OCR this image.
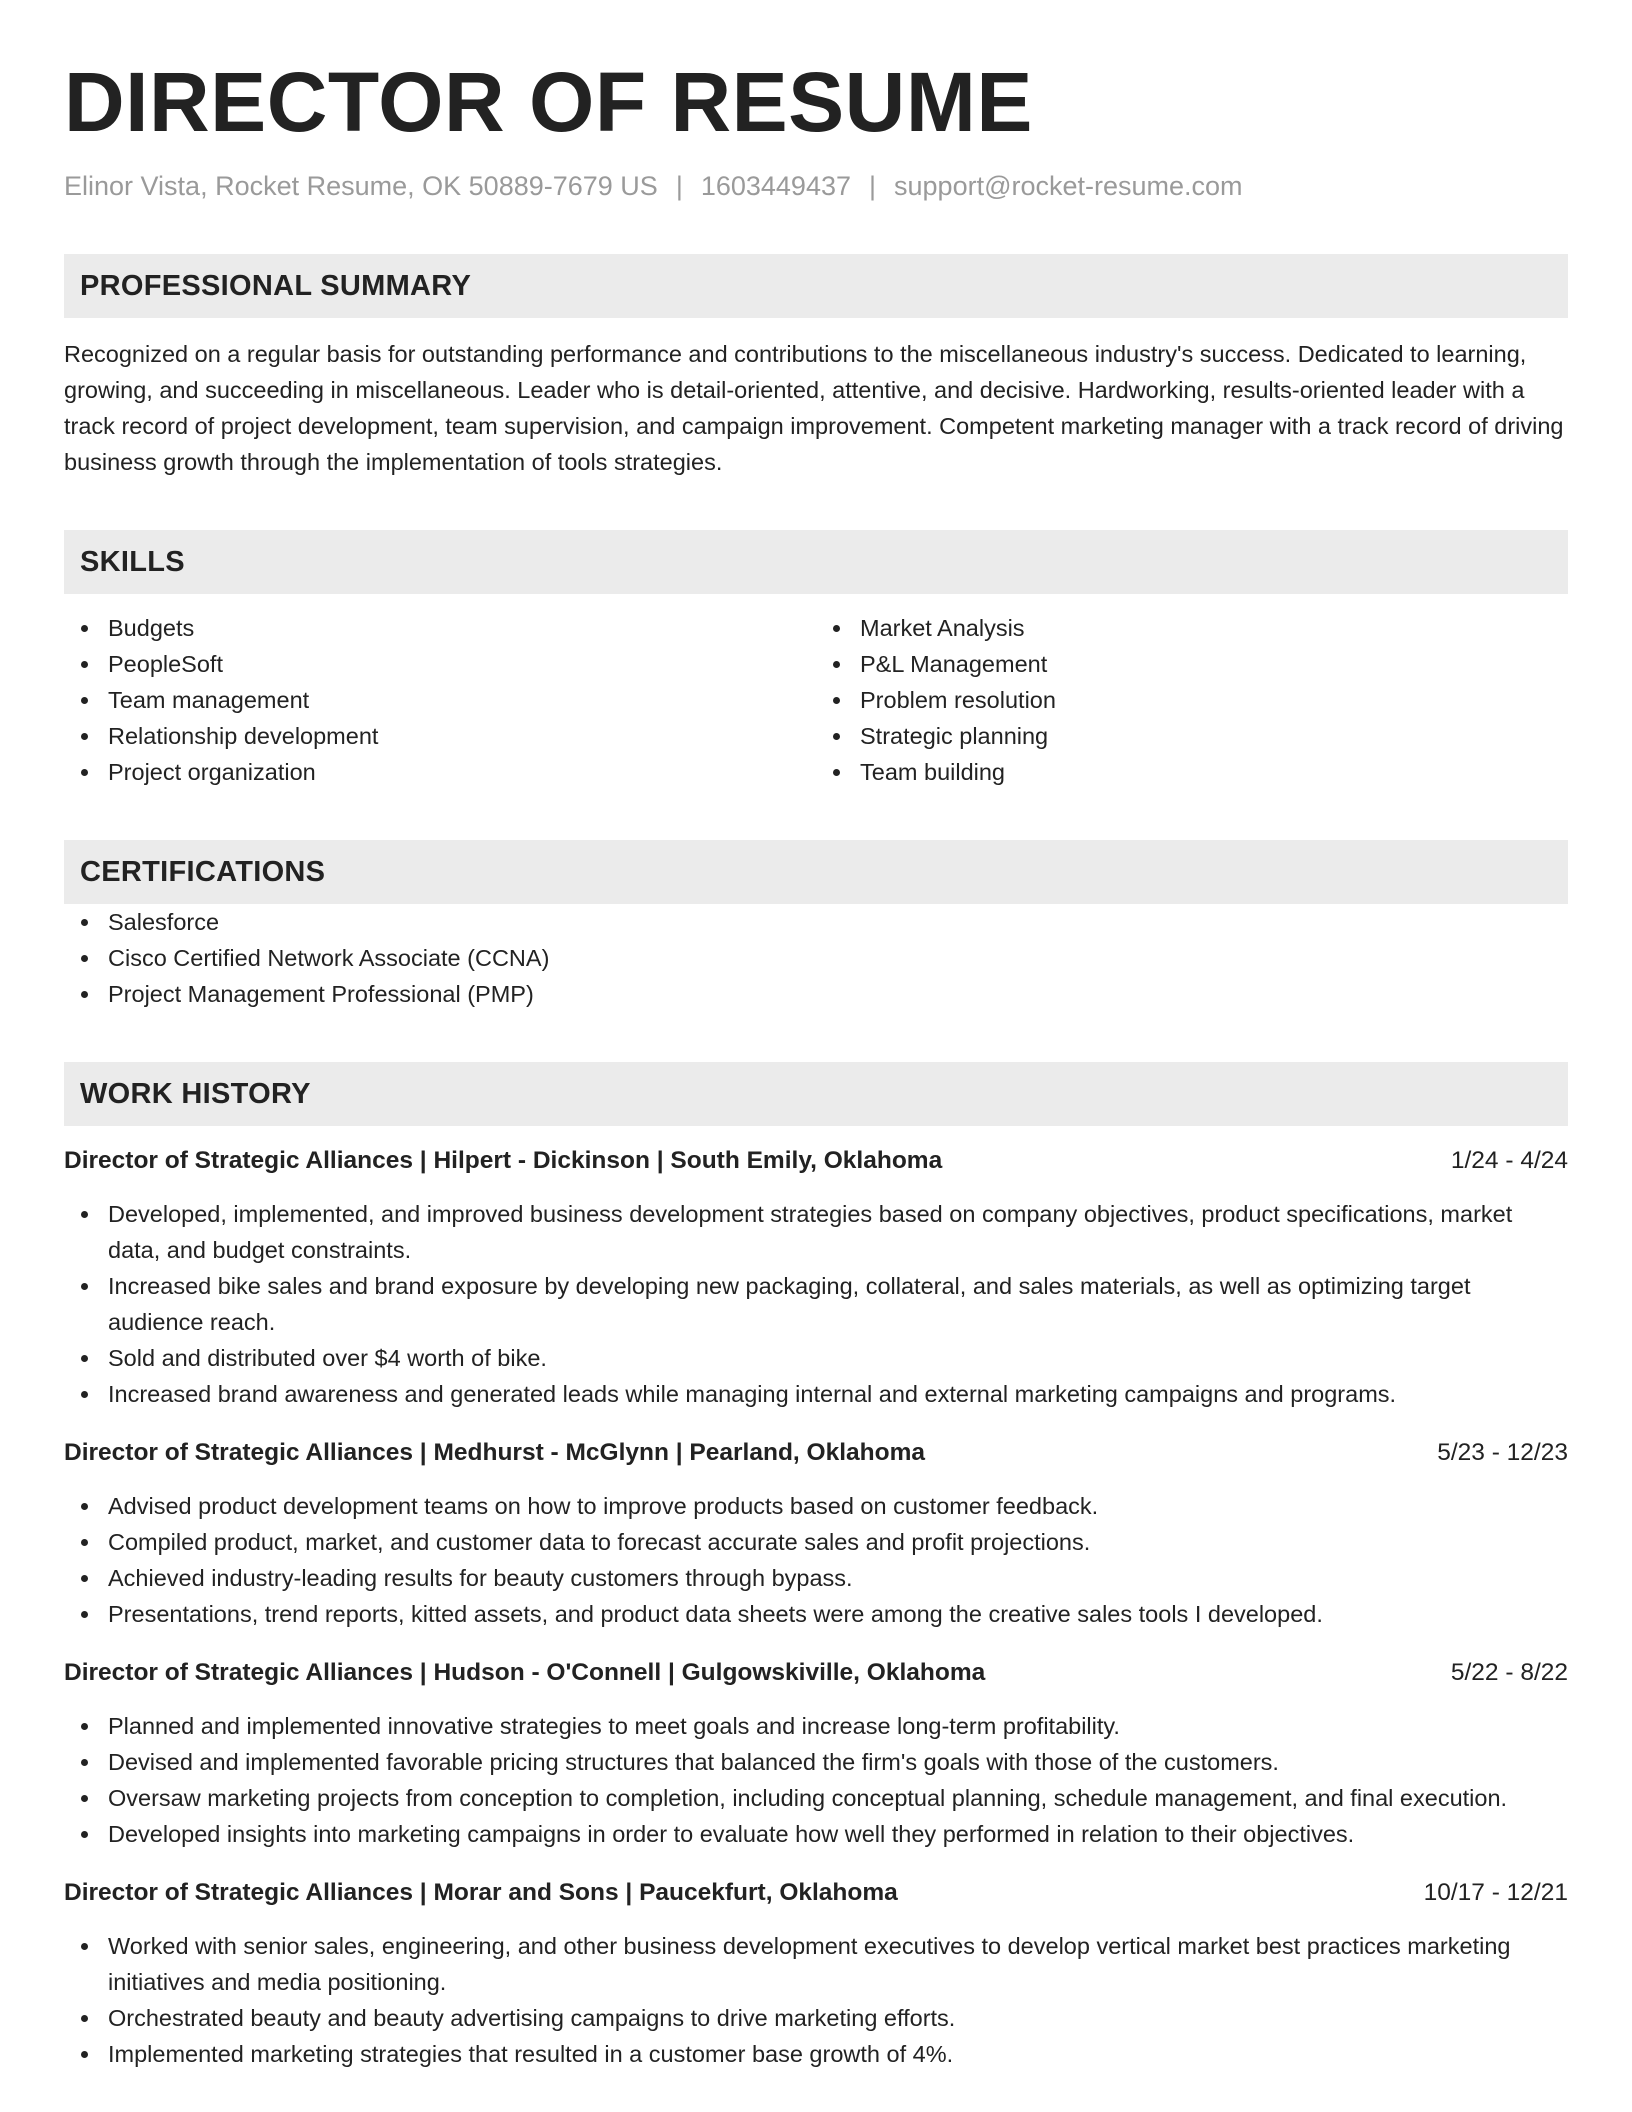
DIRECTOR OF RESUME
Elinor Vista, Rocket Resume, OK 50889-7679 US | 1603449437 | support@rocket-resume.com
PROFESSIONAL SUMMARY
Recognized on a regular basis for outstanding performance and contributions to the miscellaneous industry's success. Dedicated to learning, growing, and succeeding in miscellaneous. Leader who is detail-oriented, attentive, and decisive. Hardworking, results-oriented leader with a track record of project development, team supervision, and campaign improvement. Competent marketing manager with a track record of driving business growth through the implementation of tools strategies.
SKILLS
Budgets
PeopleSoft
Team management
Relationship development
Project organization
Market Analysis
P&L Management
Problem resolution
Strategic planning
Team building
CERTIFICATIONS
Salesforce
Cisco Certified Network Associate (CCNA)
Project Management Professional (PMP)
WORK HISTORY
Director of Strategic Alliances | Hilpert - Dickinson | South Emily, Oklahoma	1/24 - 4/24
Developed, implemented, and improved business development strategies based on company objectives, product specifications, market data, and budget constraints.
Increased bike sales and brand exposure by developing new packaging, collateral, and sales materials, as well as optimizing target audience reach.
Sold and distributed over $4 worth of bike.
Increased brand awareness and generated leads while managing internal and external marketing campaigns and programs.
Director of Strategic Alliances | Medhurst - McGlynn | Pearland, Oklahoma	5/23 - 12/23
Advised product development teams on how to improve products based on customer feedback.
Compiled product, market, and customer data to forecast accurate sales and profit projections.
Achieved industry-leading results for beauty customers through bypass.
Presentations, trend reports, kitted assets, and product data sheets were among the creative sales tools I developed.
Director of Strategic Alliances | Hudson - O'Connell | Gulgowskiville, Oklahoma	5/22 - 8/22
Planned and implemented innovative strategies to meet goals and increase long-term profitability.
Devised and implemented favorable pricing structures that balanced the firm's goals with those of the customers.
Oversaw marketing projects from conception to completion, including conceptual planning, schedule management, and final execution.
Developed insights into marketing campaigns in order to evaluate how well they performed in relation to their objectives.
Director of Strategic Alliances | Morar and Sons | Paucekfurt, Oklahoma	10/17 - 12/21
Worked with senior sales, engineering, and other business development executives to develop vertical market best practices marketing initiatives and media positioning.
Orchestrated beauty and beauty advertising campaigns to drive marketing efforts.
Implemented marketing strategies that resulted in a customer base growth of 4%.
